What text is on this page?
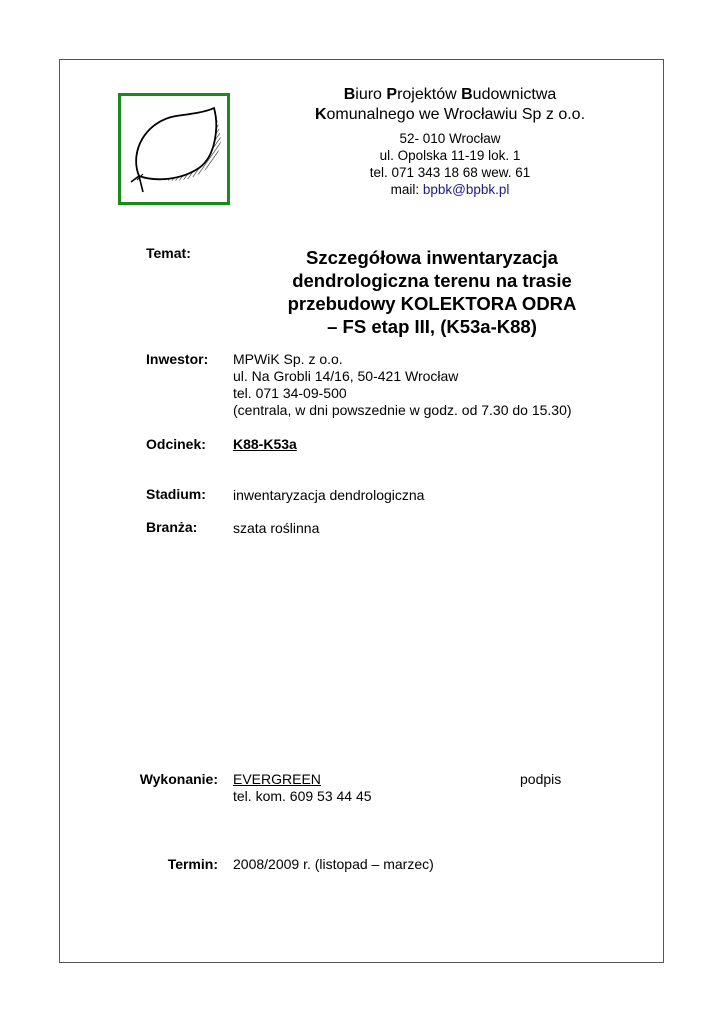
Biuro Projektów Budownictwa
Komunalnego we Wrocławiu Sp z o.o.
52- 010 Wrocław
ul. Opolska 11-19 lok. 1
tel. 071 343 18 68 wew. 61
mail: bpbk@bpbk.pl
Temat:	Szczegółowa inwentaryzacja
dendrologiczna terenu na trasie
przebudowy KOLEKTORA ODRA
– FS etap III, (K53a-K88)
Inwestor: MPWiK Sp. z o.o.
ul. Na Grobli 14/16, 50-421 Wrocław
tel. 071 34-09-500
(centrala, w dni powszednie w godz. od 7.30 do 15.30)
Odcinek: K88-K53a
Stadium: inwentaryzacja dendrologiczna
Branża:	szata roślinna
Wykonanie: EVERGREEN
tel. kom. 609 53 44 45
podpis
Termin: 2008/2009 r. (listopad – marzec)
